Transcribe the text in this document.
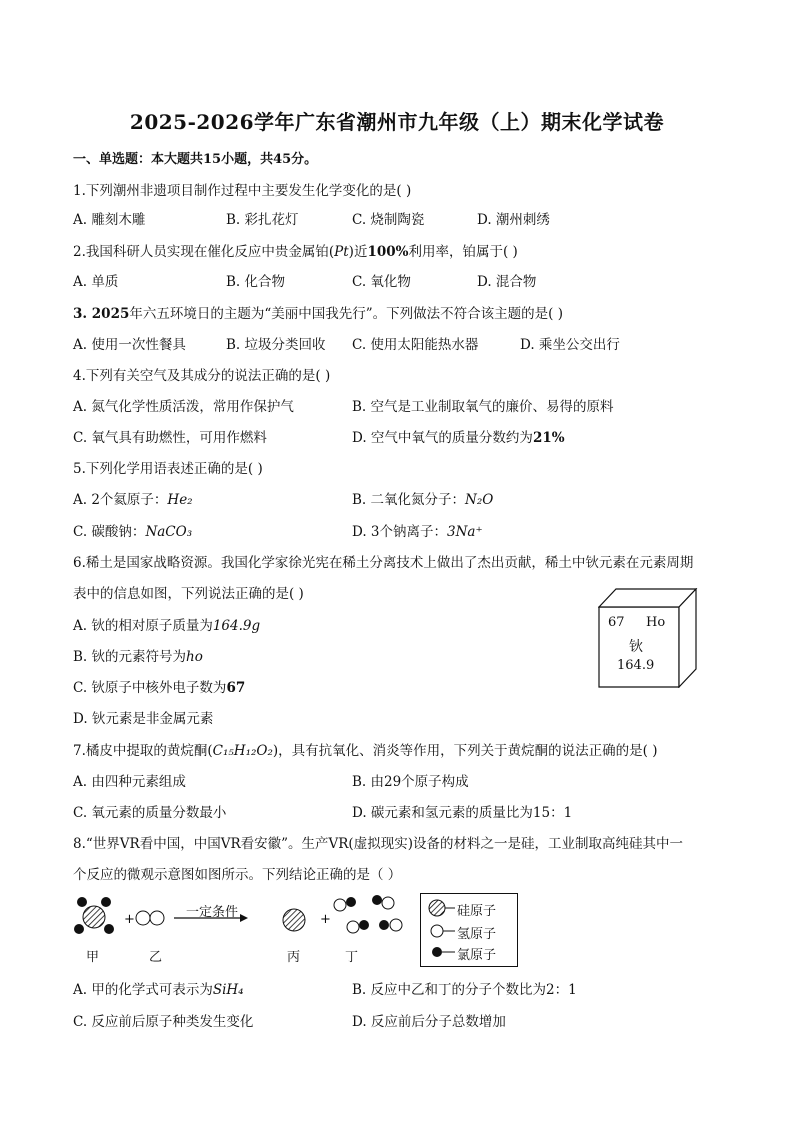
2025-2026学年广东省潮州市九年级（上）期末化学试卷
一、单选题：本大题共15小题，共45分。
1.下列潮州非遗项目制作过程中主要发生化学变化的是( )
A. 雕刻木雕	B. 彩扎花灯	C. 烧制陶瓷	D. 潮州刺绣
2.我国科研人员实现在催化反应中贵金属铂(Pt)近100%利用率，铂属于( )
A. 单质	B. 化合物	C. 氧化物	D. 混合物
3. 2025年六五环境日的主题为“美丽中国我先行”。下列做法不符合该主题的是( )
A. 使用一次性餐具	B. 垃圾分类回收 C. 使用太阳能热水器	D. 乘坐公交出行
4.下列有关空气及其成分的说法正确的是( )
A. 氮气化学性质活泼，常用作保护气	B. 空气是工业制取氧气的廉价、易得的原料
C. 氧气具有助燃性，可用作燃料	D. 空气中氧气的质量分数约为21%
5.下列化学用语表述正确的是( )
A. 2个氦原子：He₂	B. 二氧化氮分子：N₂O
C. 碳酸钠：NaCO₃	D. 3个钠离子：3Na⁺
6.稀土是国家战略资源。我国化学家徐光宪在稀土分离技术上做出了杰出贡献，稀土中钬元素在元素周期
表中的信息如图，下列说法正确的是( )
A. 钬的相对原子质量为164.9g
B. 钬的元素符号为ho
C. 钬原子中核外电子数为67
D. 钬元素是非金属元素
67 Ho
钬
164.9
7.橘皮中提取的黄烷酮(C₁₅H₁₂O₂)，具有抗氧化、消炎等作用，下列关于黄烷酮的说法正确的是( )
A. 由四种元素组成	B. 由29个原子构成
C. 氧元素的质量分数最小	D. 碳元素和氢元素的质量比为15：1
8.“世界VR看中国，中国VR看安徽”。生产VR(虚拟现实)设备的材料之一是硅，工业制取高纯硅其中一
个反应的微观示意图如图所示。下列结论正确的是（ ）
+	+
一定条件
甲	乙	丙	丁
硅原子
氢原子
氯原子
A. 甲的化学式可表示为SiH₄	B. 反应中乙和丁的分子个数比为2：1
C. 反应前后原子种类发生变化	D. 反应前后分子总数增加
